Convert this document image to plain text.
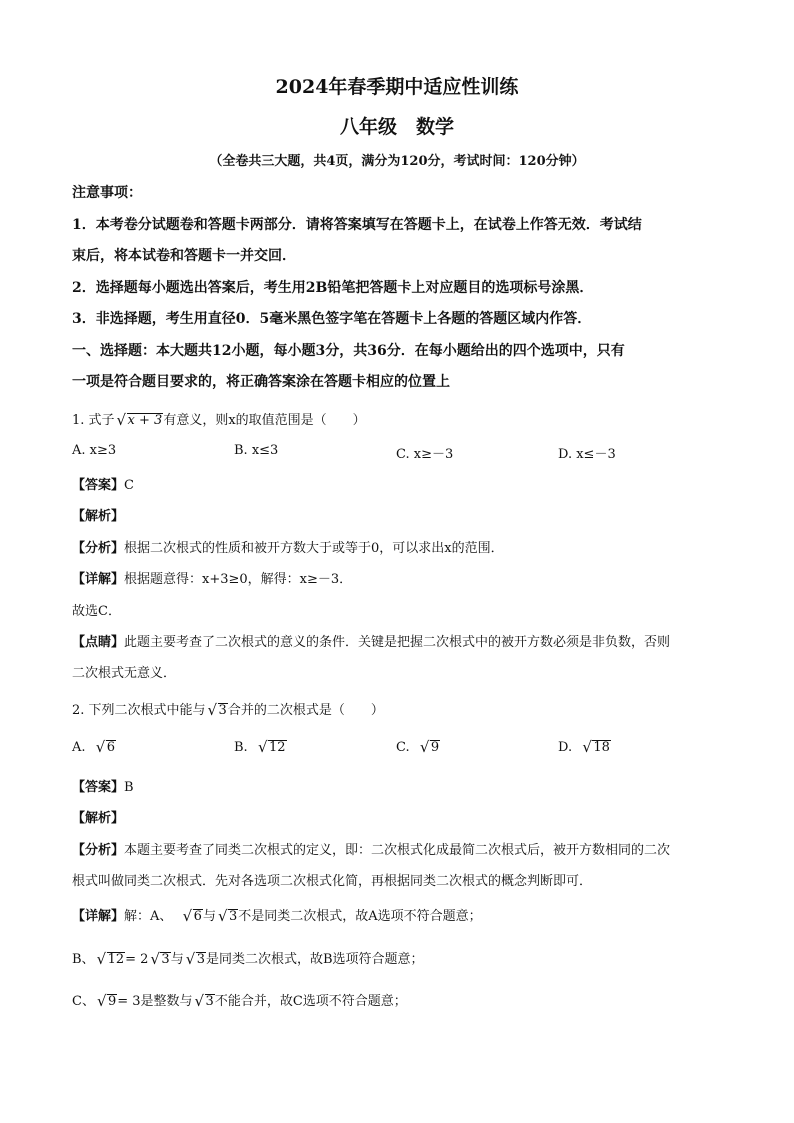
2024年春季期中适应性训练
八年级　数学
（全卷共三大题，共4页，满分为120分，考试时间：120分钟）
注意事项：
1．本考卷分试题卷和答题卡两部分．请将答案填写在答题卡上，在试卷上作答无效．考试结
束后，将本试卷和答题卡一并交回．
2．选择题每小题选出答案后，考生用2B铅笔把答题卡上对应题目的选项标号涂黑．
3．非选择题，考生用直径0．5毫米黑色签字笔在答题卡上各题的答题区域内作答．
一、选择题：本大题共12小题，每小题3分，共36分．在每小题给出的四个选项中，只有
一项是符合题目要求的，将正确答案涂在答题卡相应的位置上
1. 式子 √ x + 3有意义，则x的取值范围是（　　）
A. x≥3	B. x≤3	C. x≥－3	D. x≤－3
【答案】C
【解析】
【分析】根据二次根式的性质和被开方数大于或等于0，可以求出x的范围．
【详解】根据题意得：x+3≥0，解得：x≥－3．
故选C．
【点睛】此题主要考查了二次根式的意义的条件．关键是把握二次根式中的被开方数必须是非负数，否则
二次根式无意义．
2. 下列二次根式中能与 √ 3合并的二次根式是（　　）
A. √ 6	B. √ 12	C. √ 9	D. √ 18
【答案】B
【解析】
【分析】本题主要考查了同类二次根式的定义，即：二次根式化成最简二次根式后，被开方数相同的二次
根式叫做同类二次根式．先对各选项二次根式化简，再根据同类二次根式的概念判断即可．
【详解】解：A、 √ 6与 √ 3不是同类二次根式，故A选项不符合题意；
B、 √ 12= 2 √ 3与 √ 3是同类二次根式，故B选项符合题意；
C、 √ 9= 3是整数与 √ 3不能合并，故C选项不符合题意；
